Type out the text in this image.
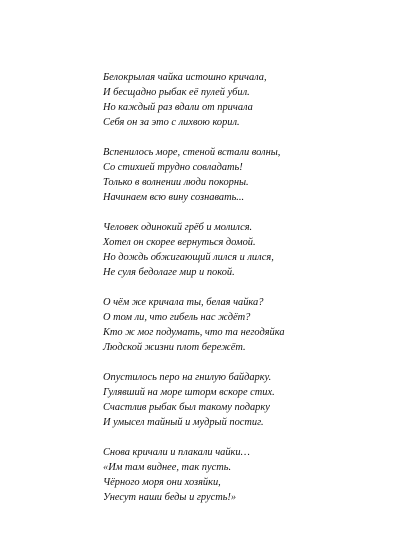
Белокрылая чайка истошно кричала,
И бесщадно рыбак её пулей убил.
Но каждый раз вдали от причала
Себя он за это с лихвою корил.
Вспенилось море, стеной встали волны,
Со стихией трудно совладать!
Только в волнении люди покорны.
Начинаем всю вину сознавать...
Человек одинокий грёб и молился.
Хотел он скорее вернуться домой.
Но дождь обжигающий лился и лился,
Не суля бедолаге мир и покой.
О чём же кричала ты, белая чайка?
О том ли, что гибель нас ждёт?
Кто ж мог подумать, что та негодяйка
Людской жизни плот бережёт.
Опустилось перо на гнилую байдарку.
Гулявший на море шторм вскоре стих.
Счастлив рыбак был такому подарку
И умысел тайный и мудрый постиг.
Снова кричали и плакали чайки…
«Им там виднее, так пусть.
Чёрного моря они хозяйки,
Унесут наши беды и грусть!»
